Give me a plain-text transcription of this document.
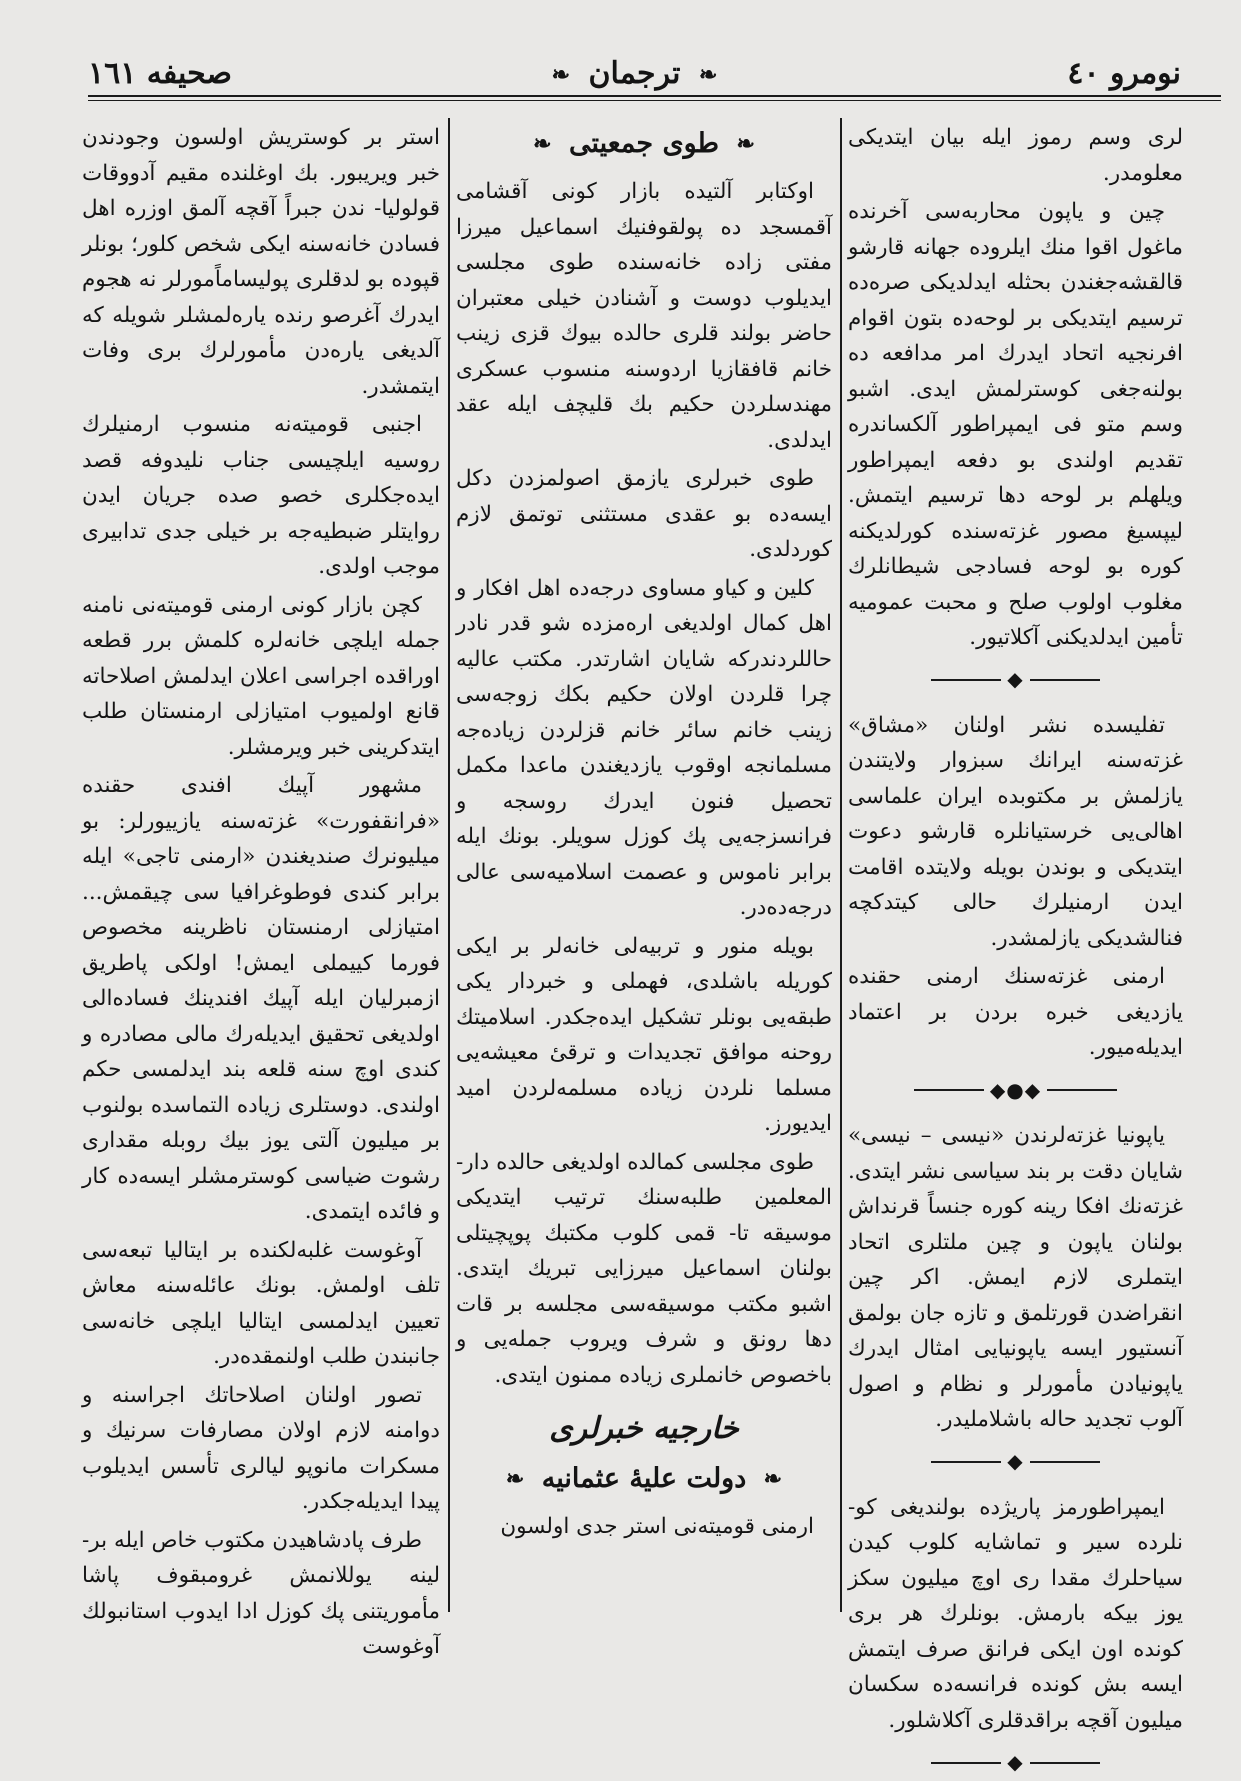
نومرو ٤٠
❧ ترجمان ❧
صحیفه ١٦١

لری وسم رموز ایله بیان ایتدیکی معلومدر.

چین و یاپون محاربه‌سی آخرنده ماغول اقوا منك ایلروده جهانه قارشو قالقشه‌جغندن بحثله ایدلدیکی صره‌ده ترسیم ایتدیکی بر لوحه‌ده بتون اقوام افرنجیه اتحاد ایدرك امر مدافعه ده بولنه‌جغی کوسترلمش ایدی. اشبو وسم متو فی ایمپراطور آلکساندره تقدیم اولندی بو دفعه ایمپراطور ویلهلم بر لوحه دها ترسیم ایتمش. لیپسیغ مصور غزته‌سنده کورلدیکنه کوره بو لوحه فسادجی شیطانلرك مغلوب اولوب صلح و محبت عمومیه تأمین ایدلدیکنی آکلاتیور.

◆

تفلیسده نشر اولنان «مشاق» غزته‌سنه ایرانك سبزوار ولایتندن یازلمش بر مکتوبده ایران علماسی اهالی‌یی خرستیانلره قارشو دعوت ایتدیکی و بوندن بویله ولایتده اقامت ایدن ارمنیلرك حالی کیتدکچه فنالشدیکی یازلمشدر.

ارمنی غزته‌سنك ارمنی حقنده یازدیغی خبره بردن بر اعتماد ایدیله‌میور.

◆●◆

یاپونیا غزته‌لرندن «نیسی – نیسی» شایان دقت بر بند سیاسی نشر ایتدی. غزته‌نك افکا رینه کوره جنساً قرنداش بولنان یاپون و چین ملتلری اتحاد ایتملری لازم ایمش. اکر چین انقراضدن قورتلمق و تازه جان بولمق آنستیور ایسه یاپونیایی امثال ایدرك یاپونیادن مأمورلر و نظام و اصول آلوب تجدید حاله باشلاملیدر.

◆

ایمپراطورمز پاریژده بولندیغی کو- نلرده سیر و تماشایه کلوب کیدن سیاحلرك مقدا ری اوچ میلیون سکز یوز بیکه بارمش. بونلرك هر بری کونده اون ایکی فرانق صرف ایتمش ایسه بش کونده فرانسه‌ده سکسان میلیون آقچه براقدقلری آکلاشلور.

◆
❧ طوی جمعیتی ❧

اوکتابر آلتیده بازار کونی آقشامی آقمسجد ده پولقوفنیك اسماعیل میرزا مفتی زاده خانه‌سنده طوی مجلسی ایدیلوب دوست و آشنادن خیلی معتبران حاضر بولند قلری حالده بیوك قزی زینب خانم قافقازیا اردوسنه منسوب عسکری مهندسلردن حکیم بك قلیچف ایله عقد ایدلدی.

طوی خبرلری یازمق اصولمزدن دکل ایسه‌ده بو عقدی مستثنی توتمق لازم کوردلدی.

کلین و کیاو مساوی درجه‌ده اهل افکار و اهل کمال اولدیغی اره‌مزده شو قدر نادر حاللردندرکه شایان اشارتدر. مکتب عالیه چرا قلردن اولان حکیم بکك زوجه‌سی زینب خانم سائر خانم قزلردن زیاده‌جه مسلمانجه اوقوب یازدیغندن ماعدا مکمل تحصیل فنون ایدرك روسجه و فرانسزجه‌یی پك کوزل سویلر. بونك ایله برابر ناموس و عصمت اسلامیه‌سی عالی درجه‌ده‌در.

بویله منور و تربیه‌لی خانه‌لر بر ایکی کوریله باشلدی، فهملی و خبردار یکی طبقه‌یی بونلر تشکیل ایده‌جکدر. اسلامیتك روحنه موافق تجدیدات و ترقیٔ معیشه‌یی مسلما نلردن زیاده مسلمه‌لردن امید ایدیورز.

طوی مجلسی کمالده اولدیغی حالده دار- المعلمین طلبه‌سنك ترتیب ایتدیکی موسیقه تا- قمی کلوب مکتبك پوپچیتلی بولنان اسماعیل میرزایی تبریك ایتدی. اشبو مکتب موسیقه‌سی مجلسه بر قات دها رونق و شرف ویروب جمله‌یی و باخصوص خانملری زیاده ممنون ایتدی.

خارجیه خبرلری
❧ دولت علیهٔ عثمانیه ❧

ارمنی قومیته‌نی استر جدی اولسون

استر بر کوستریش اولسون وجودندن خبر ویریبور. بك اوغلنده مقیم آدووقات قولولیا- ندن جبراً آقچه آلمق اوزره اهل فسادن خانه‌سنه ایکی شخص کلور؛ بونلر قپوده بو لدقلری پولیساماًمورلر نه هجوم ایدرك آغرصو رنده یاره‌لمشلر شویله که آلدیغی یاره‌دن مأمورلرك بری وفات ایتمشدر.

اجنبی قومیته‌نه منسوب ارمنیلرك روسیه ایلچیسی جناب نلیدوفه قصد ایده‌جکلری خصو صده جریان ایدن روایتلر ضبطیه‌جه بر خیلی جدی تدابیری موجب اولدی.

کچن بازار کونی ارمنی قومیته‌نی نامنه جمله ایلچی خانه‌لره کلمش برر قطعه اوراقده اجراسی اعلان ایدلمش اصلاحاته قانع اولمیوب امتیازلی ارمنستان طلب ایتدکرینی خبر ویرمشلر.

مشهور آپیك افندی حقنده «فرانقفورت» غزته‌سنه یازییورلر: بو میلیونرك صندیغندن «ارمنی تاجی» ایله برابر کندی فوطوغرافیا سی چیقمش... امتیازلی ارمنستان ناظرینه مخصوص فورما کییملی ایمش! اولکی پاطریق ازمبرلیان ایله آپیك افندینك فساده‌الی اولدیغی تحقیق ایدیله‌رك مالی مصادره و کندی اوچ سنه قلعه بند ایدلمسی حکم اولندی. دوستلری زیاده التماسده بولنوب بر میلیون آلتی یوز بیك روبله مقداری رشوت ضیاسی کوسترمشلر ایسه‌ده کار و فائده ایتمدی.

آوغوست غلبه‌لکنده بر ایتالیا تبعه‌سی تلف اولمش. بونك عائله‌سنه معاش تعیین ایدلمسی ایتالیا ایلچی خانه‌سی جانبندن طلب اولنمقده‌در.

تصور اولنان اصلاحاتك اجراسنه و دوامنه لازم اولان مصارفات سرنیك و مسکرات مانوپو لیالری تأسس ایدیلوب پیدا ایدیله‌جکدر.

طرف پادشاهیدن مکتوب خاص ایله بر- لینه یوللانمش غرومبقوف پاشا مأموریتنی پك کوزل ادا ایدوب استانبولك آوغوست
